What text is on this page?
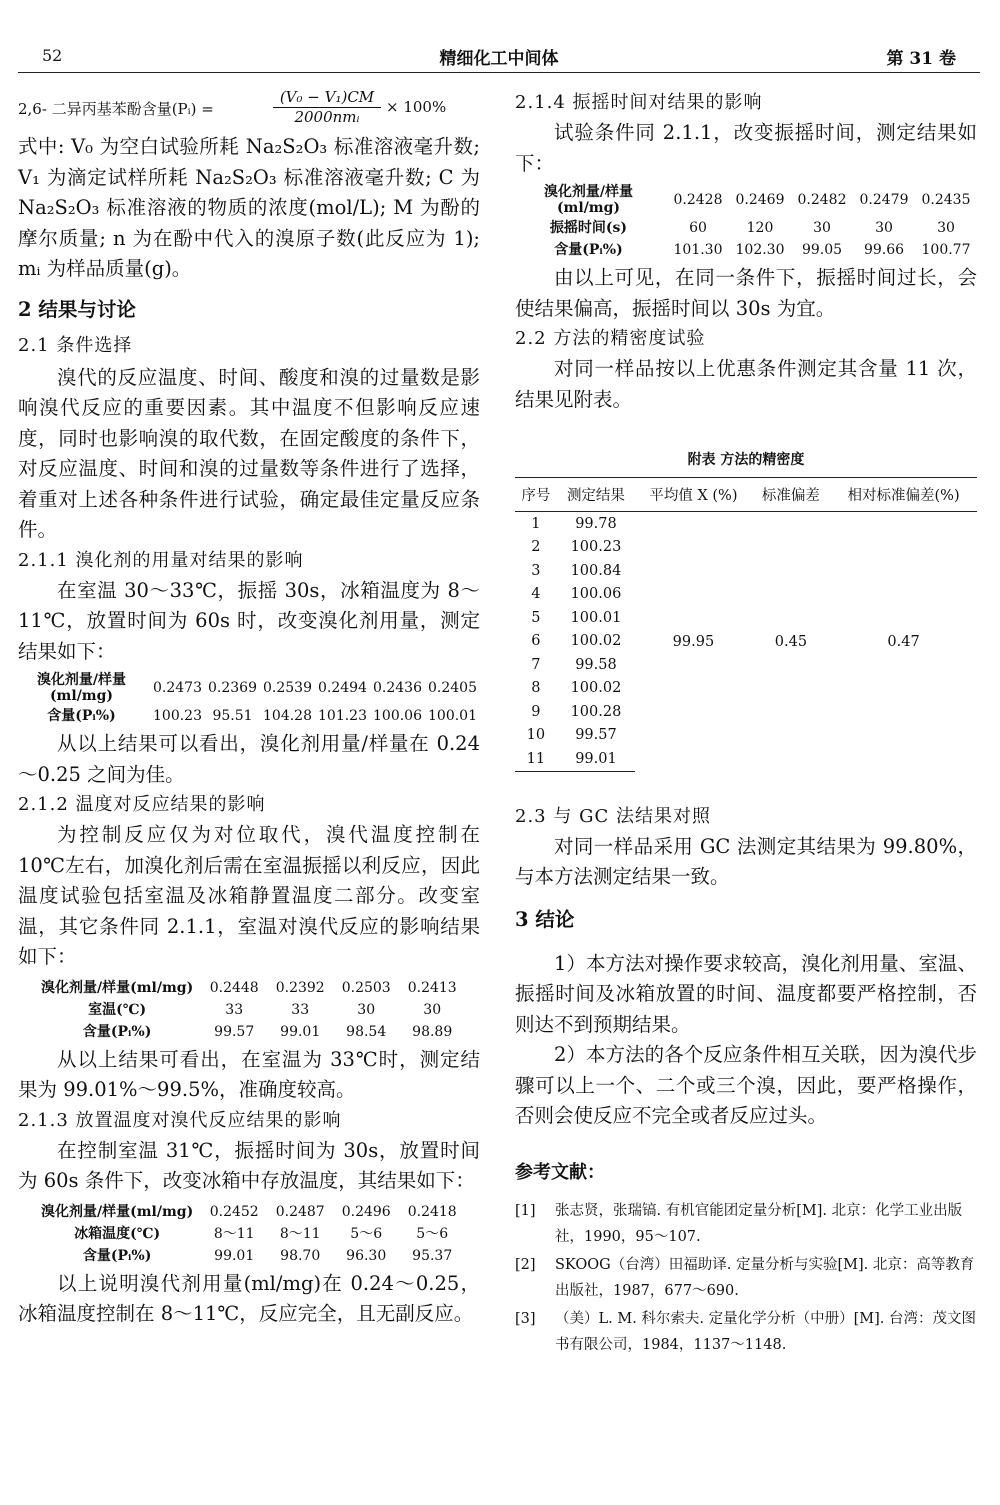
52	精细化工中间体	第 31 卷
2,6- 二异丙基苯酚含量(Pᵢ) =
(V₀ − V₁)CM
2000nmᵢ
× 100%

式中: V₀ 为空白试验所耗 Na₂S₂O₃ 标准溶液毫升数; V₁ 为滴定试样所耗 Na₂S₂O₃ 标准溶液毫升数; C 为 Na₂S₂O₃ 标准溶液的物质的浓度(mol/L); M 为酚的摩尔质量; n 为在酚中代入的溴原子数(此反应为 1); mᵢ 为样品质量(g)。

2 结果与讨论
2.1 条件选择

溴代的反应温度、时间、酸度和溴的过量数是影响溴代反应的重要因素。其中温度不但影响反应速度，同时也影响溴的取代数，在固定酸度的条件下，对反应温度、时间和溴的过量数等条件进行了选择，着重对上述各种条件进行试验，确定最佳定量反应条件。

2.1.1 溴化剂的用量对结果的影响

在室温 30～33℃，振摇 30s，冰箱温度为 8～11℃，放置时间为 60s 时，改变溴化剂用量，测定结果如下：

溴化剂量/样量(ml/mg)	0.2473	0.2369	0.2539	0.2494	0.2436	0.2405
含量(Pᵢ%)	100.23	95.51	104.28	101.23	100.06	100.01

从以上结果可以看出，溴化剂用量/样量在 0.24～0.25 之间为佳。

2.1.2 温度对反应结果的影响

为控制反应仅为对位取代，溴代温度控制在 10℃左右，加溴化剂后需在室温振摇以利反应，因此温度试验包括室温及冰箱静置温度二部分。改变室温，其它条件同 2.1.1，室温对溴代反应的影响结果如下：

溴化剂量/样量(ml/mg)	0.2448	0.2392	0.2503	0.2413
室温(℃)	33	33	30	30
含量(Pᵢ%)	99.57	99.01	98.54	98.89

从以上结果可看出，在室温为 33℃时，测定结果为 99.01%～99.5%，准确度较高。

2.1.3 放置温度对溴代反应结果的影响

在控制室温 31℃，振摇时间为 30s，放置时间为 60s 条件下，改变冰箱中存放温度，其结果如下：

溴化剂量/样量(ml/mg)	0.2452	0.2487	0.2496	0.2418
冰箱温度(℃)	8～11	8～11	5～6	5～6
含量(Pᵢ%)	99.01	98.70	96.30	95.37

以上说明溴代剂用量(ml/mg)在 0.24～0.25，冰箱温度控制在 8～11℃，反应完全，且无副反应。

2.1.4 振摇时间对结果的影响

试验条件同 2.1.1，改变振摇时间，测定结果如下：

溴化剂量/样量(ml/mg)	0.2428	0.2469	0.2482	0.2479	0.2435
振摇时间(s)	60	120	30	30	30
含量(Pᵢ%)	101.30	102.30	99.05	99.66	100.77

由以上可见，在同一条件下，振摇时间过长，会使结果偏高，振摇时间以 30s 为宜。

2.2 方法的精密度试验

对同一样品按以上优惠条件测定其含量 11 次，结果见附表。

附表 方法的精密度
序号	测定结果	平均值 X (%)	标准偏差	相对标准偏差(%)
1	99.78	99.95	0.45	0.47
2	100.23			
3	100.84			
4	100.06			
5	100.01			
6	100.02			
7	99.58			
8	100.02			
9	100.28			
10	99.57			
11	99.01			
2.3 与 GC 法结果对照

对同一样品采用 GC 法测定其结果为 99.80%，与本方法测定结果一致。

3 结论

1）本方法对操作要求较高，溴化剂用量、室温、振摇时间及冰箱放置的时间、温度都要严格控制，否则达不到预期结果。

2）本方法的各个反应条件相互关联，因为溴代步骤可以上一个、二个或三个溴，因此，要严格操作，否则会使反应不完全或者反应过头。

参考文献：
[1] 张志贤，张瑞镐. 有机官能团定量分析[M]. 北京：化学工业出版社，1990，95～107.
[2] SKOOG（台湾）田福助译. 定量分析与实验[M]. 北京：高等教育出版社，1987，677～690.
[3] （美）L. M. 科尔索夫. 定量化学分析（中册）[M]. 台湾：茂文图书有限公司，1984，1137～1148.
